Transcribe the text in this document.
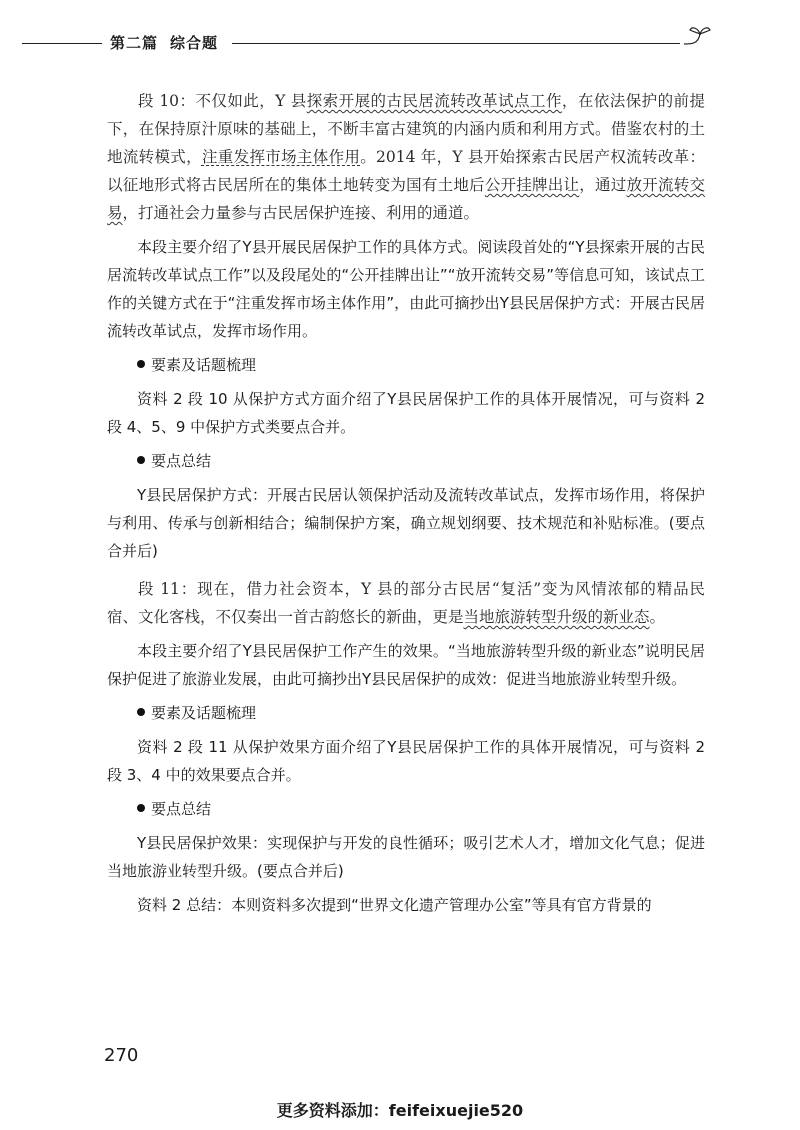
第二篇 综合题

段 10：不仅如此，Y 县探索开展的古民居流转改革试点工作，在依法保护的前提下，在保持原汁原味的基础上，不断丰富古建筑的内涵内质和利用方式。借鉴农村的土地流转模式，注重发挥市场主体作用。2014 年，Y 县开始探索古民居产权流转改革：以征地形式将古民居所在的集体土地转变为国有土地后公开挂牌出让，通过放开流转交易，打通社会力量参与古民居保护连接、利用的通道。

本段主要介绍了Y县开展民居保护工作的具体方式。阅读段首处的“Y县探索开展的古民居流转改革试点工作”以及段尾处的“公开挂牌出让”“放开流转交易”等信息可知，该试点工作的关键方式在于“注重发挥市场主体作用”，由此可摘抄出Y县民居保护方式：开展古民居流转改革试点，发挥市场作用。

要素及话题梳理

资料 2 段 10 从保护方式方面介绍了Y县民居保护工作的具体开展情况，可与资料 2 段 4、5、9 中保护方式类要点合并。

要点总结

Y县民居保护方式：开展古民居认领保护活动及流转改革试点，发挥市场作用，将保护与利用、传承与创新相结合；编制保护方案，确立规划纲要、技术规范和补贴标准。(要点合并后)

段 11：现在，借力社会资本，Y 县的部分古民居“复活”变为风情浓郁的精品民宿、文化客栈，不仅奏出一首古韵悠长的新曲，更是当地旅游转型升级的新业态。

本段主要介绍了Y县民居保护工作产生的效果。“当地旅游转型升级的新业态”说明民居保护促进了旅游业发展，由此可摘抄出Y县民居保护的成效：促进当地旅游业转型升级。

要素及话题梳理

资料 2 段 11 从保护效果方面介绍了Y县民居保护工作的具体开展情况，可与资料 2 段 3、4 中的效果要点合并。

要点总结

Y县民居保护效果：实现保护与开发的良性循环；吸引艺术人才，增加文化气息；促进当地旅游业转型升级。(要点合并后)

资料 2 总结：本则资料多次提到“世界文化遗产管理办公室”等具有官方背景的

270
更多资料添加：feifeixuejie520
